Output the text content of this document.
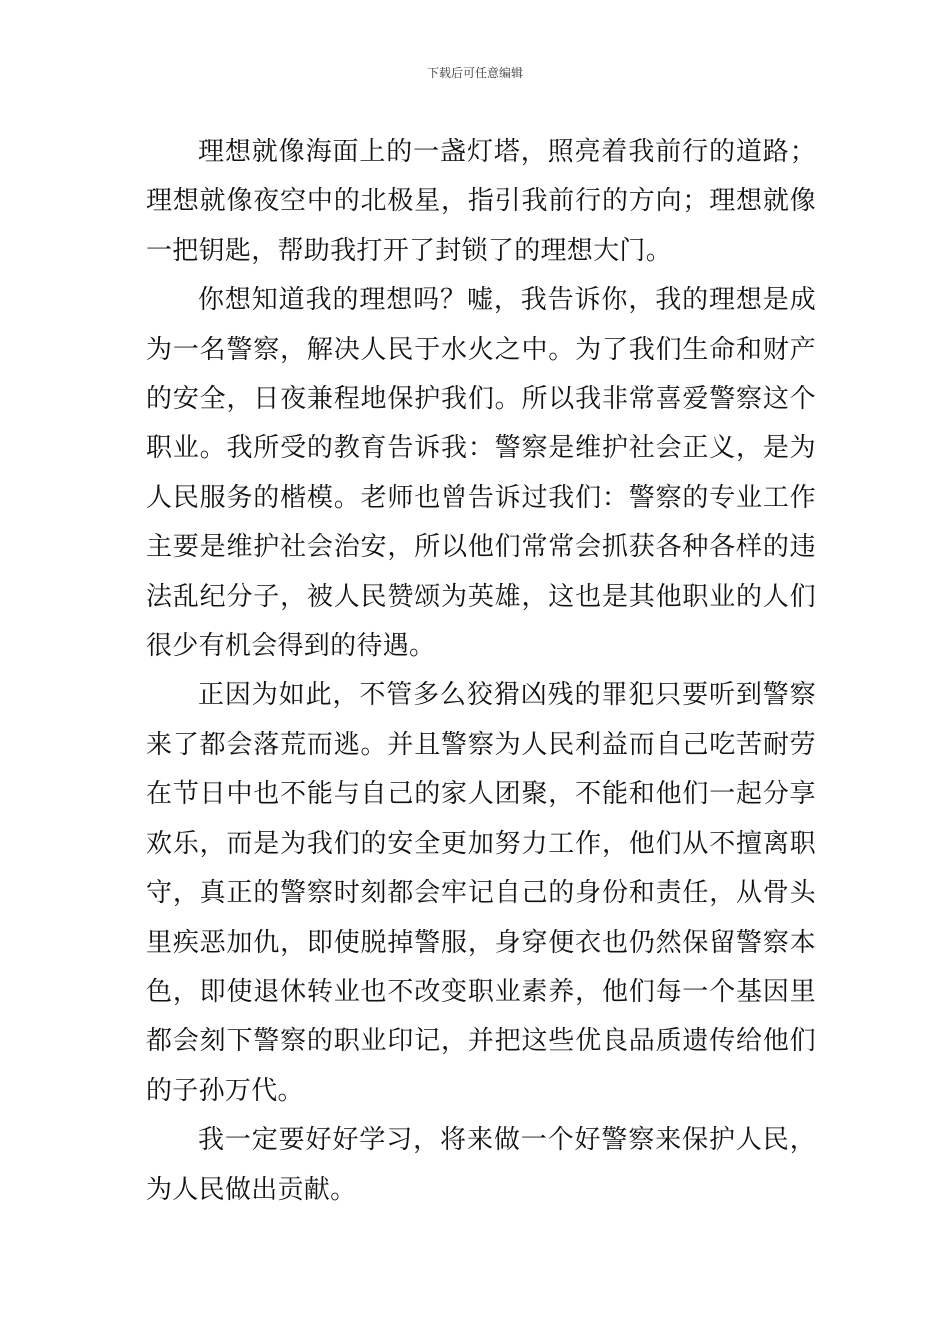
下载后可任意编辑

理想就像海面上的一盏灯塔，照亮着我前行的道路；理想就像夜空中的北极星，指引我前行的方向；理想就像一把钥匙，帮助我打开了封锁了的理想大门。

你想知道我的理想吗？嘘，我告诉你，我的理想是成为一名警察，解决人民于水火之中。为了我们生命和财产的安全，日夜兼程地保护我们。所以我非常喜爱警察这个职业。我所受的教育告诉我：警察是维护社会正义，是为人民服务的楷模。老师也曾告诉过我们：警察的专业工作主要是维护社会治安，所以他们常常会抓获各种各样的违法乱纪分子，被人民赞颂为英雄，这也是其他职业的人们很少有机会得到的待遇。

正因为如此，不管多么狡猾凶残的罪犯只要听到警察来了都会落荒而逃。并且警察为人民利益而自己吃苦耐劳在节日中也不能与自己的家人团聚，不能和他们一起分享欢乐，而是为我们的安全更加努力工作，他们从不擅离职守，真正的警察时刻都会牢记自己的身份和责任，从骨头里疾恶加仇，即使脱掉警服，身穿便衣也仍然保留警察本色，即使退休转业也不改变职业素养，他们每一个基因里都会刻下警察的职业印记，并把这些优良品质遗传给他们的子孙万代。

我一定要好好学习，将来做一个好警察来保护人民，为人民做出贡献。
